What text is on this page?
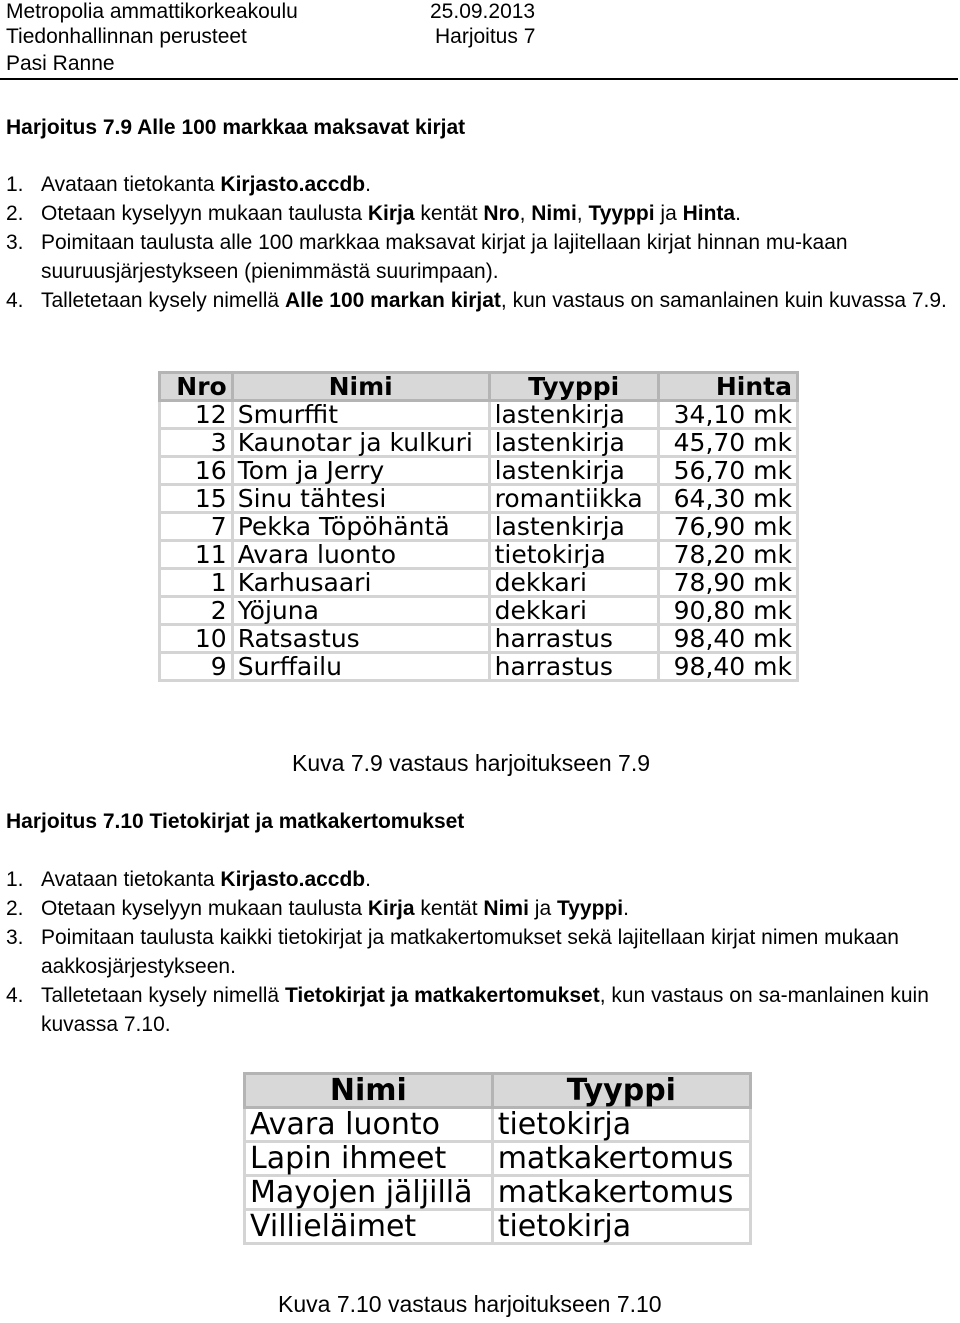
Metropolia ammattikorkeakoulu	25.09.2013
Tiedonhallinnan perusteet	Harjoitus 7
Pasi Ranne
Harjoitus 7.9 Alle 100 markkaa maksavat kirjat
1. Avataan tietokanta Kirjasto.accdb.
2. Otetaan kyselyyn mukaan taulusta Kirja kentät Nro, Nimi, Tyyppi ja Hinta.
3. Poimitaan taulusta alle 100 markkaa maksavat kirjat ja lajitellaan kirjat hinnan mu-kaan suuruusjärjestykseen (pienimmästä suurimpaan).
4. Talletetaan kysely nimellä Alle 100 markan kirjat, kun vastaus on samanlainen kuin kuvassa 7.9.
Nro	Nimi	Tyyppi	Hinta
12	Smurffit	lastenkirja	34,10 mk
3	Kaunotar ja kulkuri	lastenkirja	45,70 mk
16	Tom ja Jerry	lastenkirja	56,70 mk
15	Sinu tähtesi	romantiikka	64,30 mk
7	Pekka Töpöhäntä	lastenkirja	76,90 mk
11	Avara luonto	tietokirja	78,20 mk
1	Karhusaari	dekkari	78,90 mk
2	Yöjuna	dekkari	90,80 mk
10	Ratsastus	harrastus	98,40 mk
9	Surffailu	harrastus	98,40 mk
Kuva 7.9 vastaus harjoitukseen 7.9
Harjoitus 7.10 Tietokirjat ja matkakertomukset
1. Avataan tietokanta Kirjasto.accdb.
2. Otetaan kyselyyn mukaan taulusta Kirja kentät Nimi ja Tyyppi.
3. Poimitaan taulusta kaikki tietokirjat ja matkakertomukset sekä lajitellaan kirjat nimen mukaan aakkosjärjestykseen.
4. Talletetaan kysely nimellä Tietokirjat ja matkakertomukset, kun vastaus on sa-manlainen kuin kuvassa 7.10.
Nimi	Tyyppi
Avara luonto	tietokirja
Lapin ihmeet	matkakertomus
Mayojen jäljillä	matkakertomus
Villieläimet	tietokirja
Kuva 7.10 vastaus harjoitukseen 7.10
